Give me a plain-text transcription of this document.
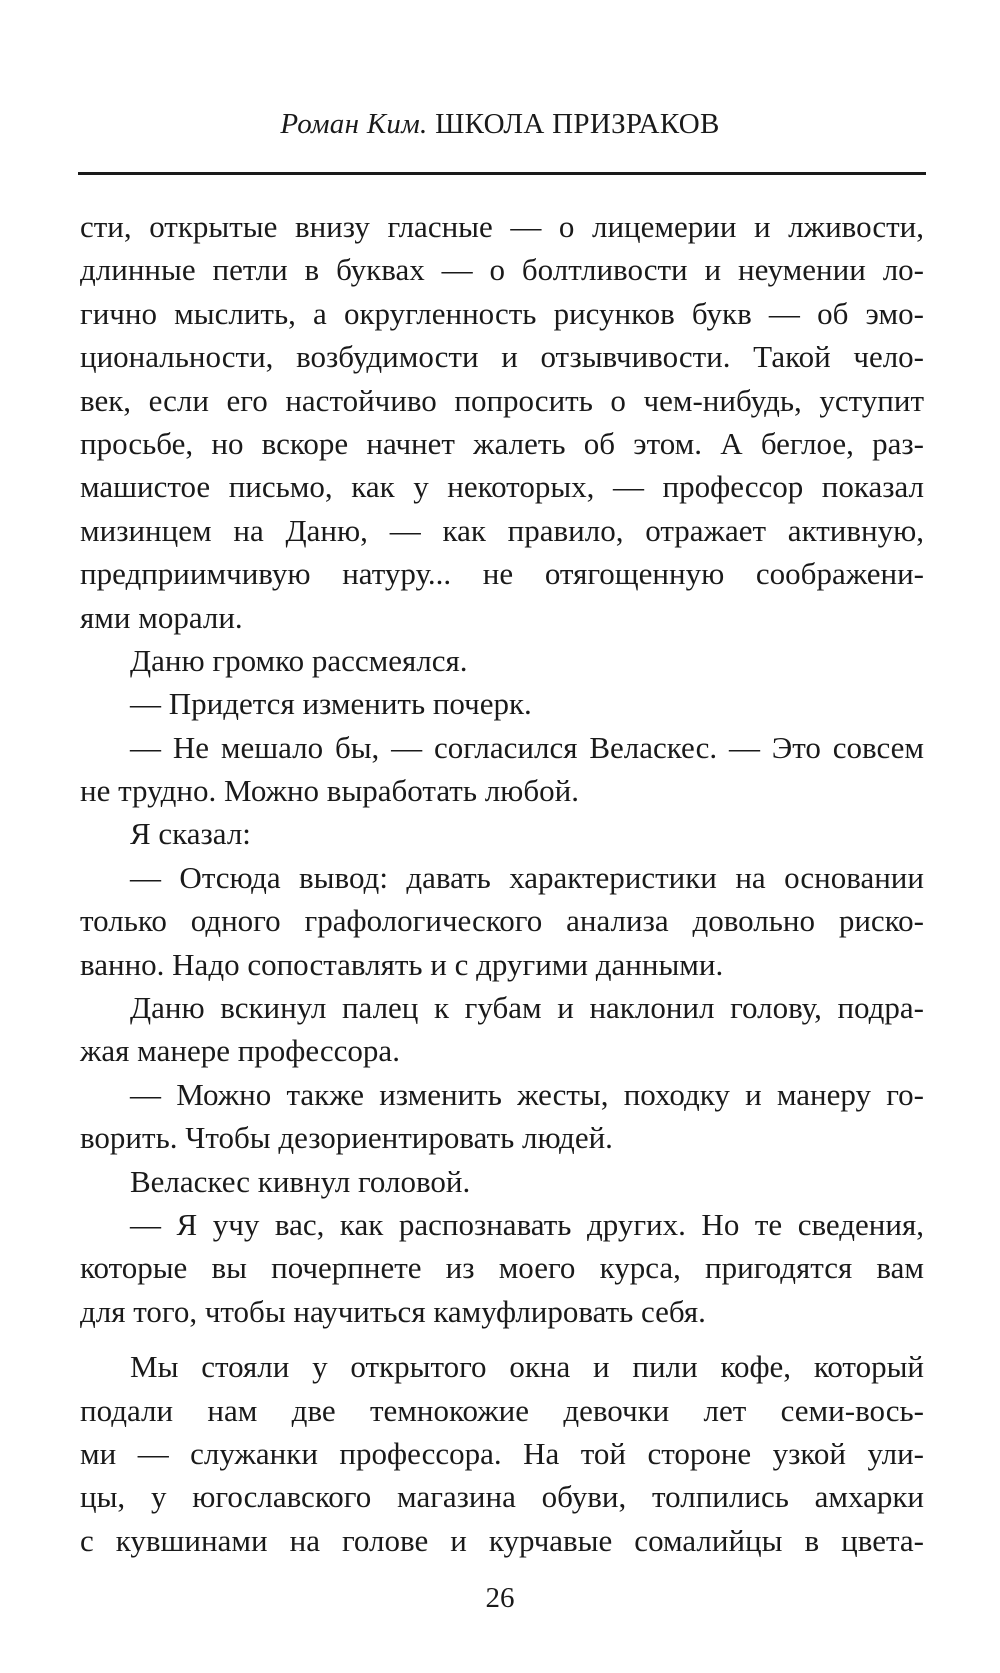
Роман Ким. ШКОЛА ПРИЗРАКОВ
сти, открытые внизу гласные — о лицемерии и лживости,
длинные петли в буквах — о болтливости и неумении ло-
гично мыслить, а округленность рисунков букв — об эмо-
циональности, возбудимости и отзывчивости. Такой чело-
век, если его настойчиво попросить о чем-нибудь, уступит
просьбе, но вскоре начнет жалеть об этом. А беглое, раз-
машистое письмо, как у некоторых, — профессор показал
мизинцем на Даню, — как правило, отражает активную,
предприимчивую натуру... не отягощенную соображени-
ями морали.
Даню громко рассмеялся.
— Придется изменить почерк.
— Не мешало бы, — согласился Веласкес. — Это совсем
не трудно. Можно выработать любой.
Я сказал:
— Отсюда вывод: давать характеристики на основании
только одного графологического анализа довольно риско-
ванно. Надо сопоставлять и с другими данными.
Даню вскинул палец к губам и наклонил голову, подра-
жая манере профессора.
— Можно также изменить жесты, походку и манеру го-
ворить. Чтобы дезориентировать людей.
Веласкес кивнул головой.
— Я учу вас, как распознавать других. Но те сведения,
которые вы почерпнете из моего курса, пригодятся вам
для того, чтобы научиться камуфлировать себя.
Мы стояли у открытого окна и пили кофе, который
подали нам две темнокожие девочки лет семи-вось-
ми — служанки профессора. На той стороне узкой ули-
цы, у югославского магазина обуви, толпились амхарки
с кувшинами на голове и курчавые сомалийцы в цвета-
26
